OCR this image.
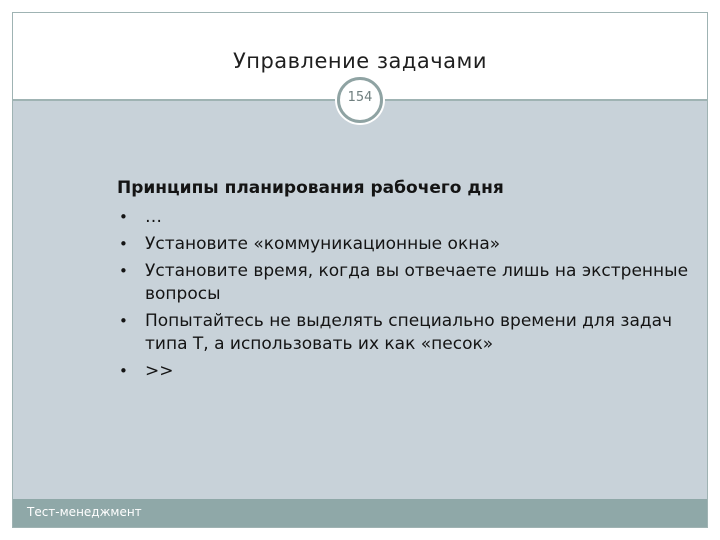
Управление задачами
154
Принципы планирования рабочего дня
• …
• Установите «коммуникационные окна»
• Установите время, когда вы отвечаете лишь на экстренные вопросы
• Попытайтесь не выделять специально времени для задач типа Т, а использовать их как «песок»
• >>
Тест-менеджмент
